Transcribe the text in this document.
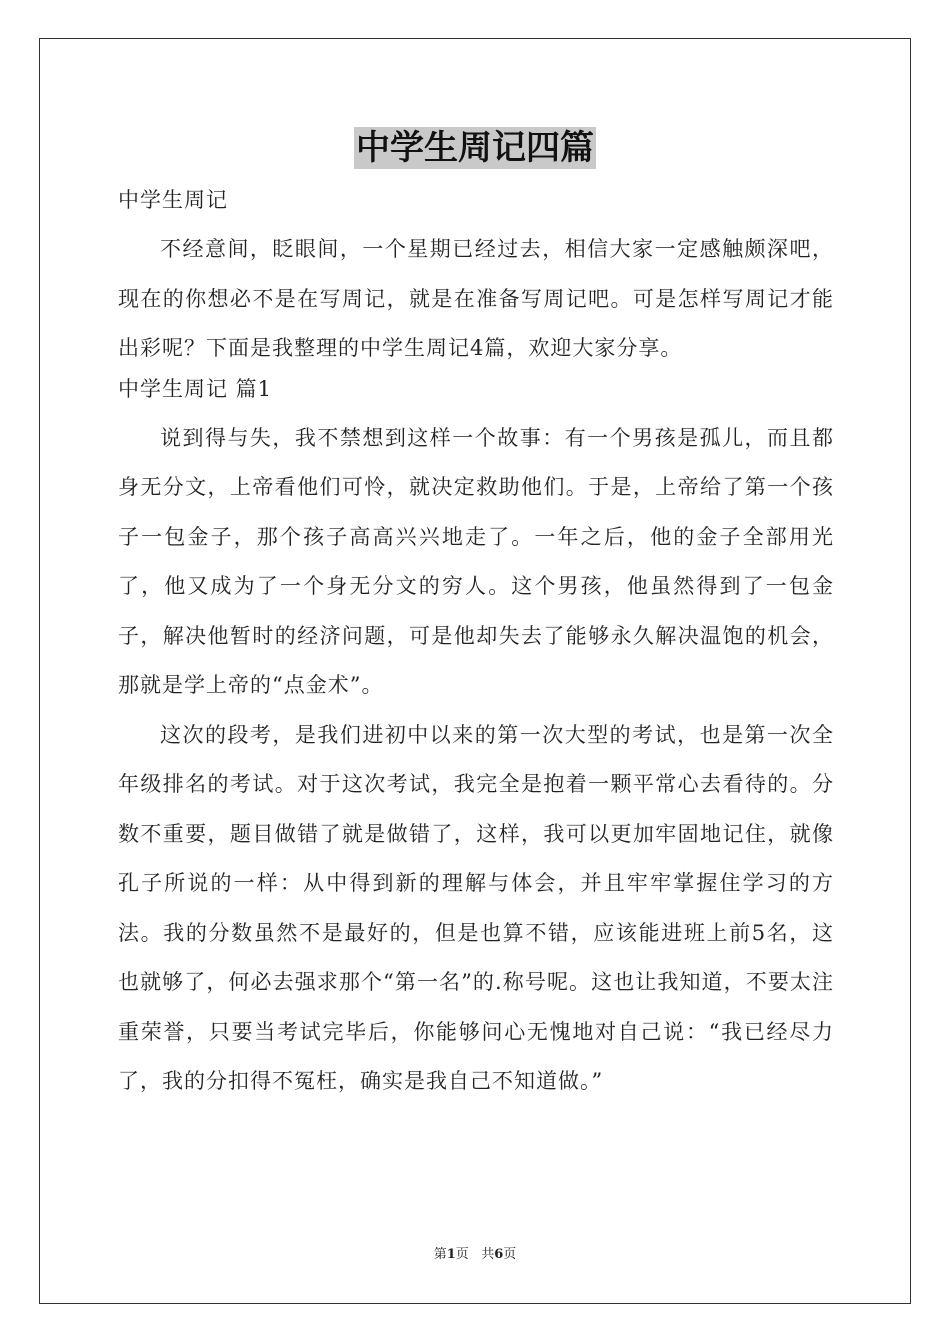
中学生周记四篇
中学生周记

不经意间，眨眼间，一个星期已经过去，相信大家一定感触颇深吧，现在的你想必不是在写周记，就是在准备写周记吧。可是怎样写周记才能出彩呢？下面是我整理的中学生周记4篇，欢迎大家分享。

中学生周记 篇1

说到得与失，我不禁想到这样一个故事：有一个男孩是孤儿，而且都身无分文，上帝看他们可怜，就决定救助他们。于是，上帝给了第一个孩子一包金子，那个孩子高高兴兴地走了。一年之后，他的金子全部用光了，他又成为了一个身无分文的穷人。这个男孩，他虽然得到了一包金子，解决他暂时的经济问题，可是他却失去了能够永久解决温饱的机会，那就是学上帝的“点金术”。

这次的段考，是我们进初中以来的第一次大型的考试，也是第一次全年级排名的考试。对于这次考试，我完全是抱着一颗平常心去看待的。分数不重要，题目做错了就是做错了，这样，我可以更加牢固地记住，就像孔子所说的一样：从中得到新的理解与体会，并且牢牢掌握住学习的方法。我的分数虽然不是最好的，但是也算不错，应该能进班上前5名，这也就够了，何必去强求那个“第一名”的.称号呢。这也让我知道，不要太注重荣誉，只要当考试完毕后，你能够问心无愧地对自己说：“我已经尽力了，我的分扣得不冤枉，确实是我自己不知道做。”

第1页 共6页
